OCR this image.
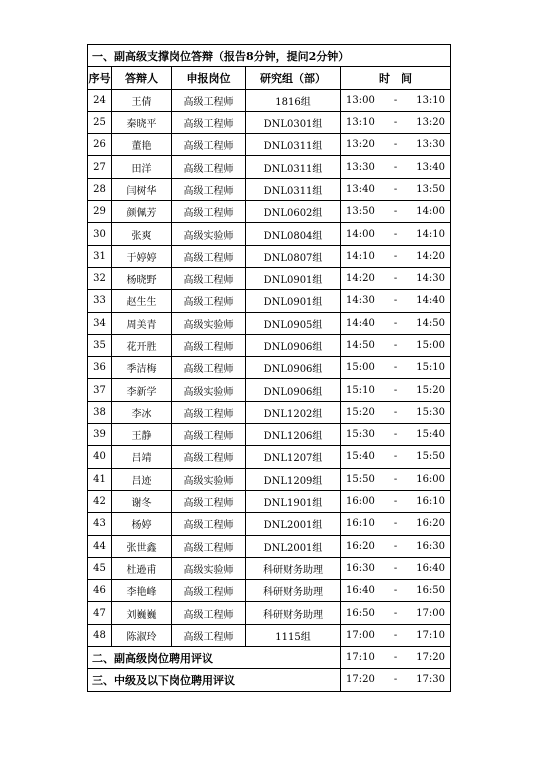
一、副高级支撑岗位答辩（报告8分钟，提问2分钟）				
序号	答辩人	申报岗位	研究组（部）	时　间
24	王倩	高级工程师	1816组	13:00 - 13:10

25	秦晓平	高级工程师	DNL0301组	13:10 - 13:20

26	董艳	高级工程师	DNL0311组	13:20 - 13:30

27	田洋	高级工程师	DNL0311组	13:30 - 13:40

28	闫树华	高级工程师	DNL0311组	13:40 - 13:50

29	颜佩芳	高级工程师	DNL0602组	13:50 - 14:00

30	张爽	高级实验师	DNL0804组	14:00 - 14:10

31	于婷婷	高级工程师	DNL0807组	14:10 - 14:20

32	杨晓野	高级工程师	DNL0901组	14:20 - 14:30

33	赵生生	高级工程师	DNL0901组	14:30 - 14:40

34	周美青	高级实验师	DNL0905组	14:40 - 14:50

35	花开胜	高级工程师	DNL0906组	14:50 - 15:00

36	季洁梅	高级工程师	DNL0906组	15:00 - 15:10

37	李新学	高级实验师	DNL0906组	15:10 - 15:20

38	李冰	高级工程师	DNL1202组	15:20 - 15:30

39	王静	高级工程师	DNL1206组	15:30 - 15:40

40	吕靖	高级工程师	DNL1207组	15:40 - 15:50

41	吕迹	高级实验师	DNL1209组	15:50 - 16:00

42	谢冬	高级工程师	DNL1901组	16:00 - 16:10

43	杨婷	高级工程师	DNL2001组	16:10 - 16:20

44	张世鑫	高级工程师	DNL2001组	16:20 - 16:30

45	杜逊甫	高级实验师	科研财务助理	16:30 - 16:40

46	李艳峰	高级工程师	科研财务助理	16:40 - 16:50

47	刘巍巍	高级工程师	科研财务助理	16:50 - 17:00

48	陈淑玲	高级工程师	1115组	17:00 - 17:10

二、副高级岗位聘用评议				17:10 - 17:20

三、中级及以下岗位聘用评议				17:20 - 17:30
